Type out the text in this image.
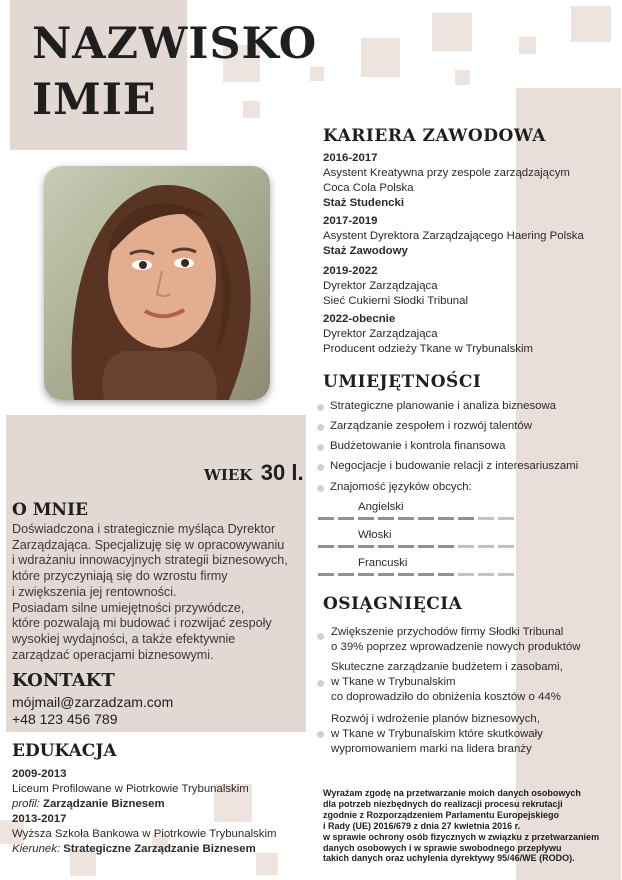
NAZWISKO
IMIE
WIEK 30 l.
O MNIE
Doświadczona i strategicznie myśląca Dyrektor
Zarządzająca. Specjalizuję się w opracowywaniu
i wdrażaniu innowacyjnych strategii biznesowych,
które przyczyniają się do wzrostu firmy
i zwiększenia jej rentowności.
Posiadam silne umiejętności przywódcze,
które pozwalają mi budować i rozwijać zespoły
wysokiej wydajności, a także efektywnie
zarządzać operacjami biznesowymi.
KONTAKT
mójmail@zarzadzam.com
+48 123 456 789
EDUKACJA
2009-2013
Liceum Profilowane w Piotrkowie Trybunalskim
profil: Zarządzanie Biznesem
2013-2017
Wyższa Szkoła Bankowa w Piotrkowie Trybunalskim
Kierunek: Strategiczne Zarządzanie Biznesem
KARIERA ZAWODOWA
2016-2017
Asystent Kreatywna przy zespole zarządzającym
Coca Cola Polska
Staż Studencki
2017-2019
Asystent Dyrektora Zarządzającego Haering Polska
Staż Zawodowy
2019-2022
Dyrektor Zarządzająca
Sieć Cukierni Słodki Tribunal
2022-obecnie
Dyrektor Zarządzająca
Producent odzieży Tkane w Trybunalskim
UMIEJĘTNOŚCI
Strategiczne planowanie i analiza biznesowa
Zarządzanie zespołem i rozwój talentów
Budżetowanie i kontrola finansowa
Negocjacje i budowanie relacji z interesariuszami
Znajomość języków obcych:
Angielski
Włoski
Francuski
OSIĄGNIĘCIA
Zwiększenie przychodów firmy Słodki Tribunal
o 39% poprzez wprowadzenie nowych produktów
Skuteczne zarządzanie budżetem i zasobami,
w Tkane w Trybunalskim
co doprowadziło do obniżenia kosztów o 44%
Rozwój i wdrożenie planów biznesowych,
w Tkane w Trybunalskim które skutkowały
wypromowaniem marki na lidera branży
Wyrażam zgodę na przetwarzanie moich danych osobowych
dla potrzeb niezbędnych do realizacji procesu rekrutacji
zgodnie z Rozporządzeniem Parlamentu Europejskiego
i Rady (UE) 2016/679 z dnia 27 kwietnia 2016 r.
w sprawie ochrony osób fizycznych w związku z przetwarzaniem
danych osobowych i w sprawie swobodnego przepływu
takich danych oraz uchylenia dyrektywy 95/46/WE (RODO).
